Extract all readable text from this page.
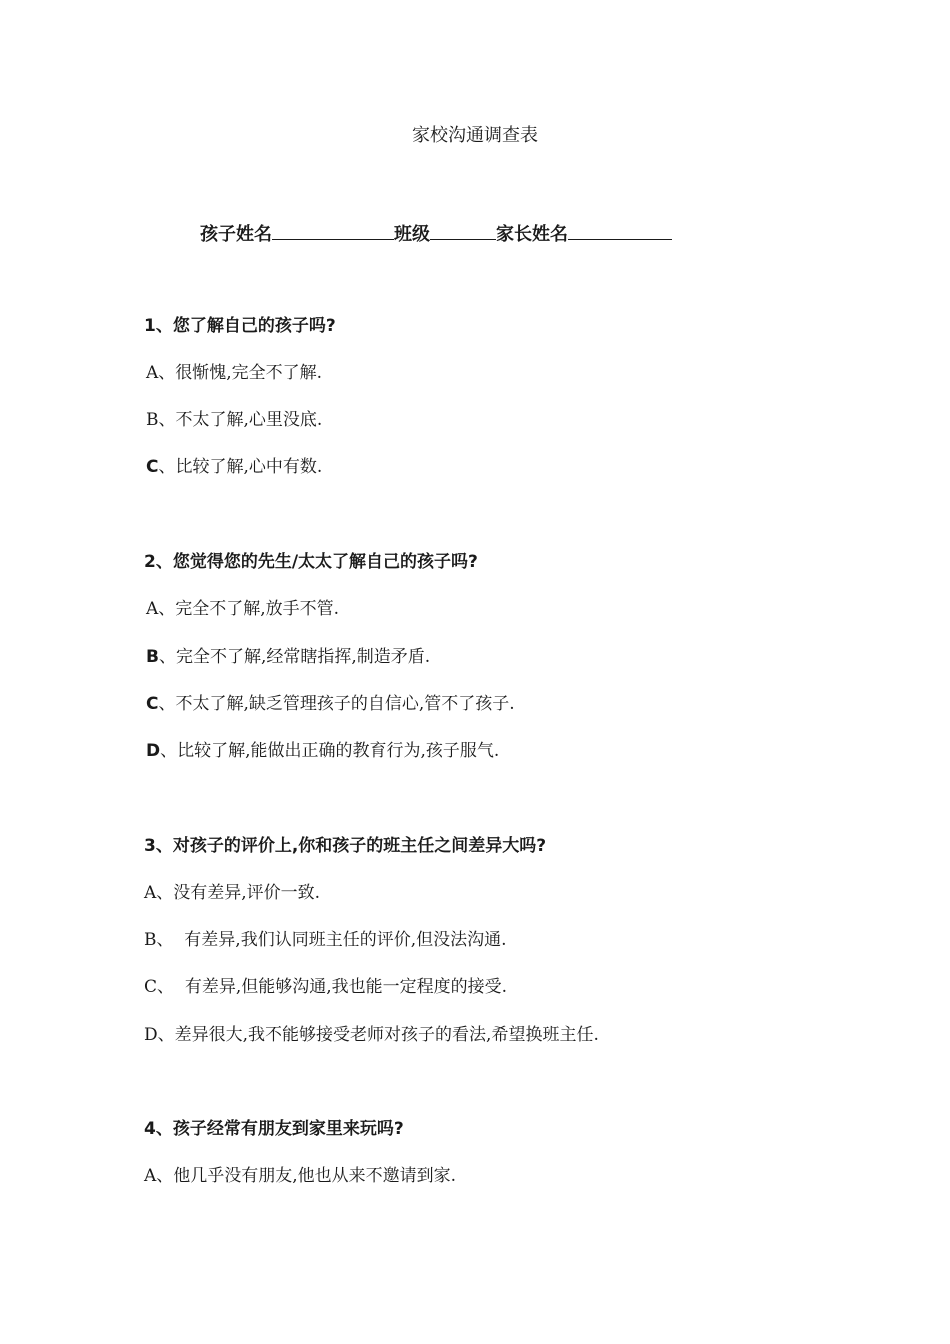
家校沟通调查表
孩子姓名	班级	家长姓名
1、您了解自己的孩子吗?
A、很惭愧,完全不了解.
B、不太了解,心里没底.
C、比较了解,心中有数.
2、您觉得您的先生/太太了解自己的孩子吗?
A、完全不了解,放手不管.
B、完全不了解,经常瞎指挥,制造矛盾.
C、不太了解,缺乏管理孩子的自信心,管不了孩子.
D、比较了解,能做出正确的教育行为,孩子服气.
3、对孩子的评价上,你和孩子的班主任之间差异大吗?
A、没有差异,评价一致.
B、  有差异,我们认同班主任的评价,但没法沟通.
C、  有差异,但能够沟通,我也能一定程度的接受.
D、差异很大,我不能够接受老师对孩子的看法,希望换班主任.
4、孩子经常有朋友到家里来玩吗?
A、他几乎没有朋友,他也从来不邀请到家.
